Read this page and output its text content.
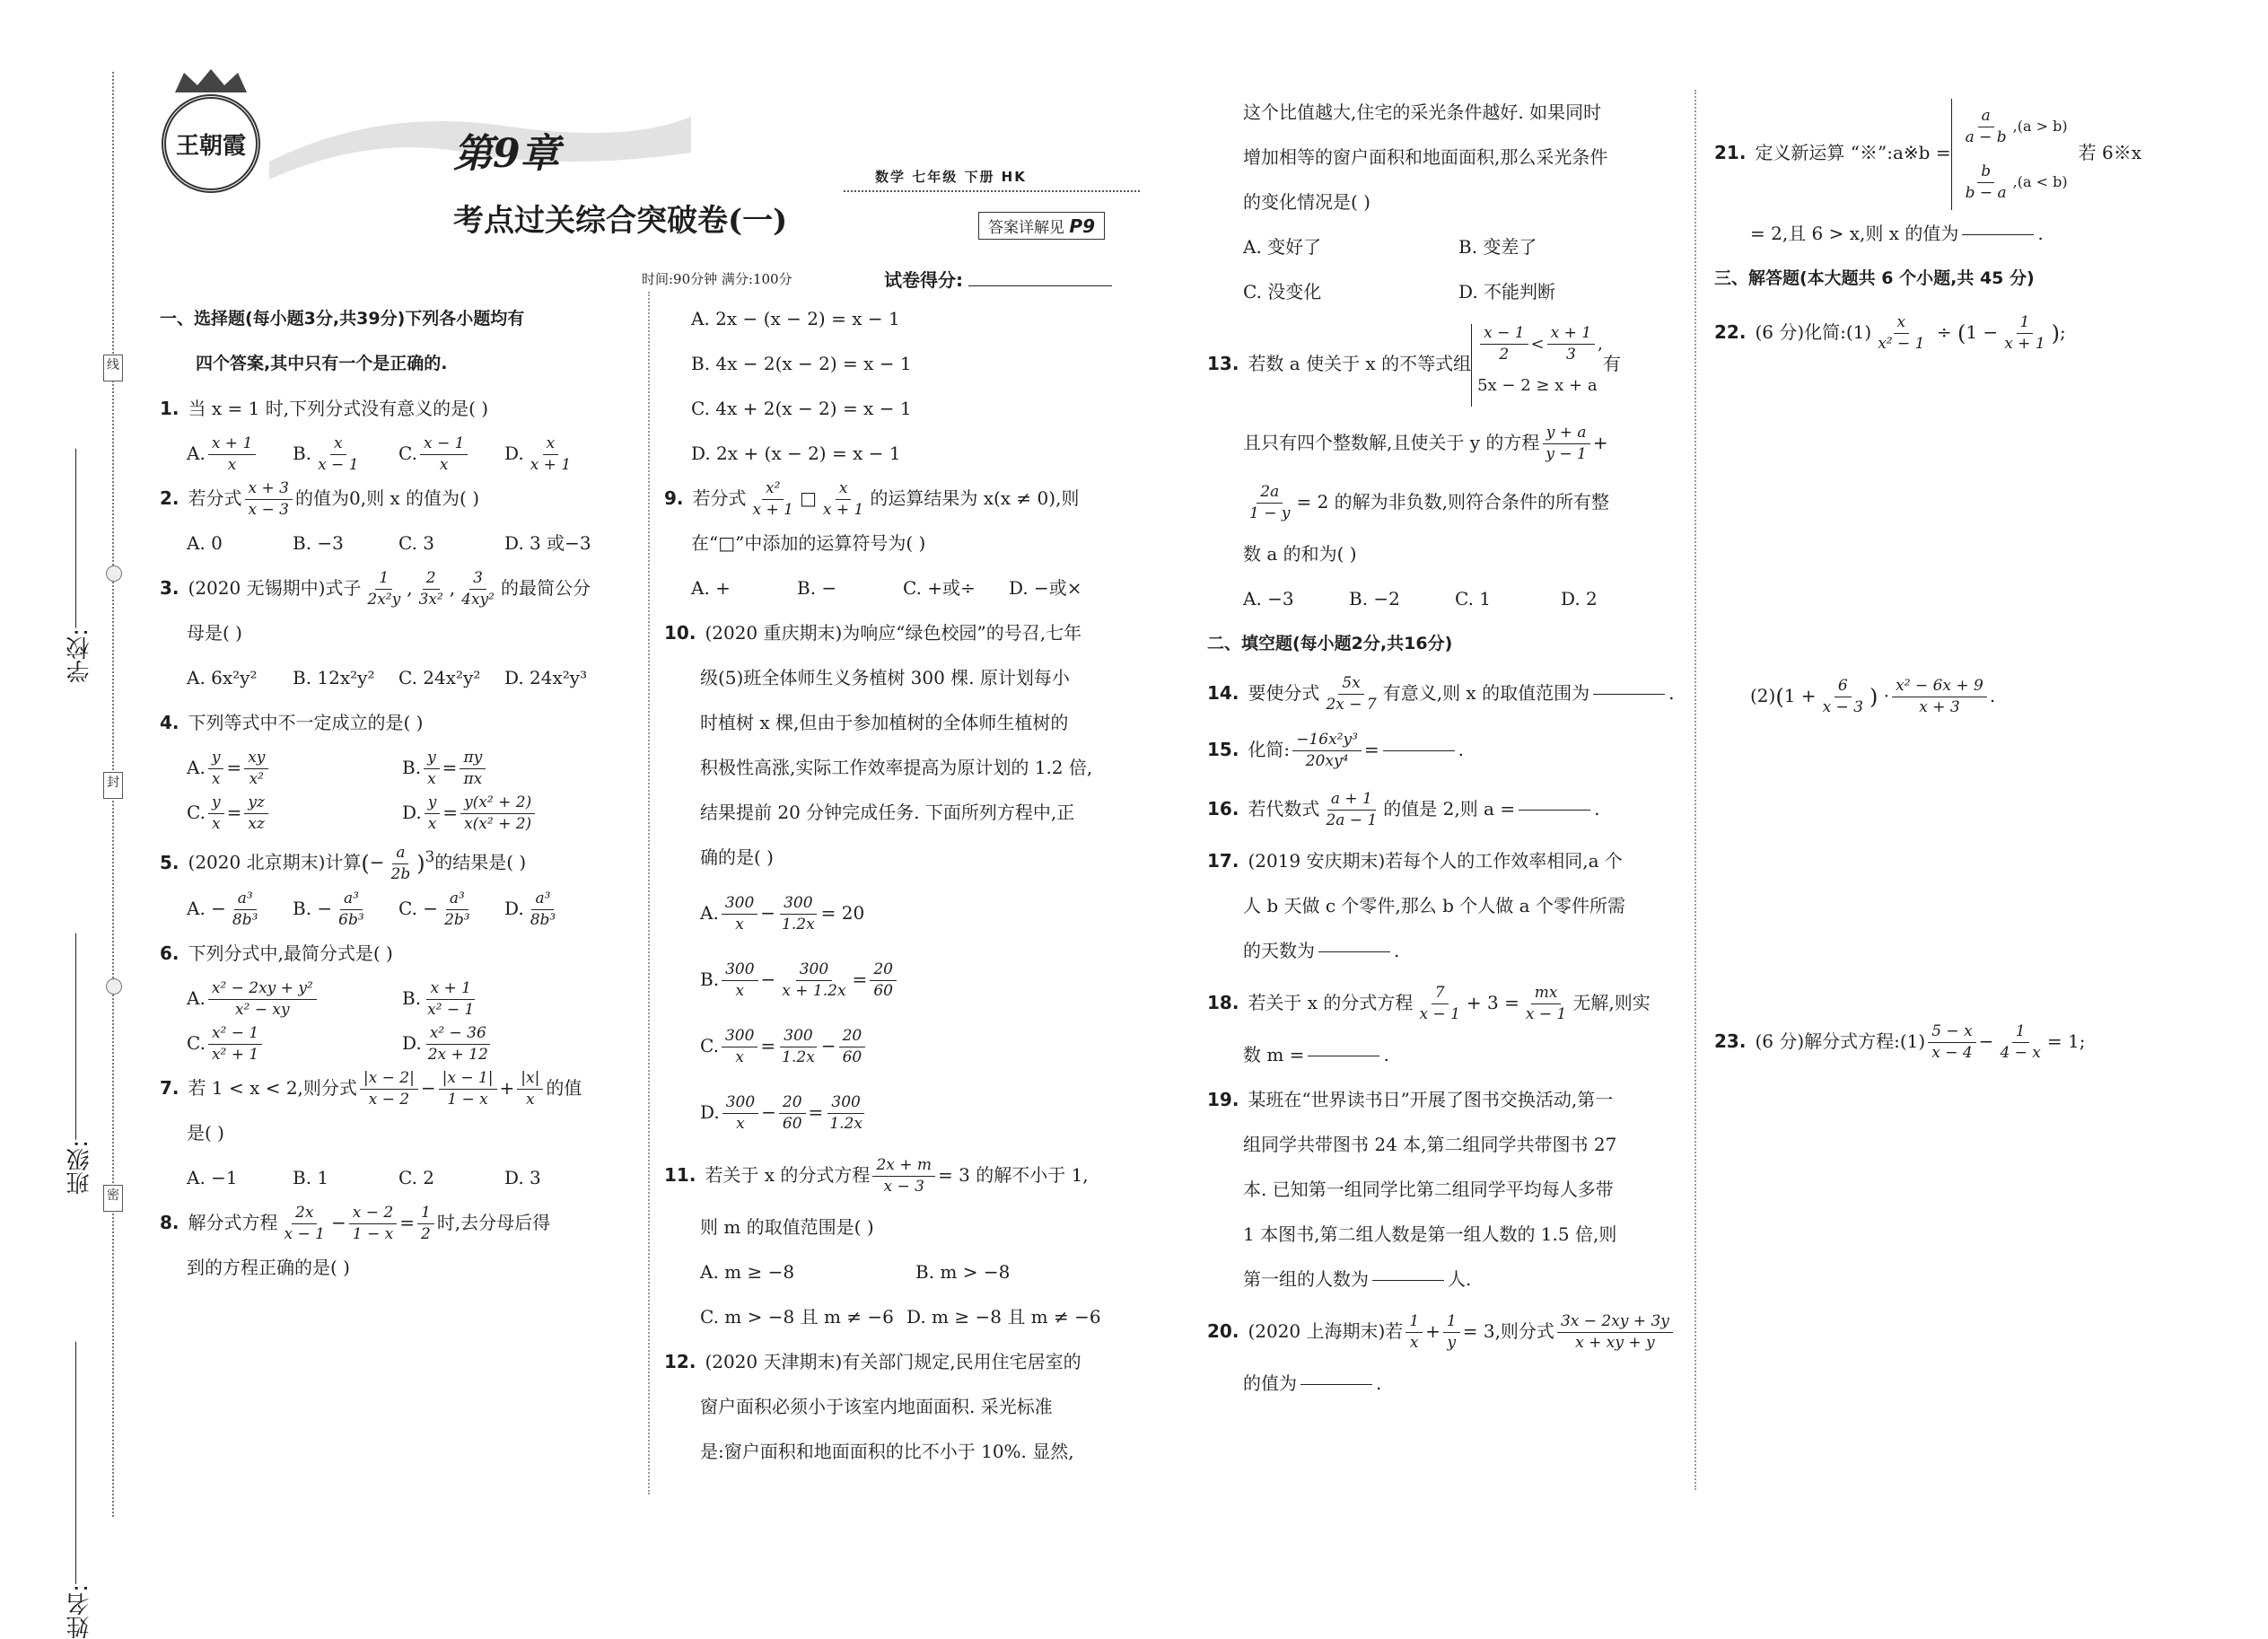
学校:
班级:
姓名:
线
封
密
王朝霞	第9章
考点过关综合突破卷(一)
数学 七年级 下册 HK
答案详解见 P9
时间:90分钟 满分:100分	试卷得分:
一、选择题(每小题3分,共39分)下列各小题均有
四个答案,其中只有一个是正确的.
1. 当 x = 1 时,下列分式没有意义的是( )
A. $\frac{x + 1}{x} B$. $\frac{x}{x - 1} C$. $\frac{x - 1}{x} D$. $\frac{x}{x + 1}$
2. 若分式 $\frac{x + 3}{x - 3}$ 的值为0,则 x 的值为( )
A. 0	B. −3	C. 3	D. 3 或−3
3. (2020 无锡期中)式子 $\frac{1}{\text{2x²y}}$ , $\frac{2}{\text{3x²}}$ , $\frac{3}{\text{4xy²}}$ 的最简公分
母是( )
A. 6x²y²	B. 12x²y²	C. 24x²y²	D. 24x²y³
4. 下列等式中不一定成立的是( )
A. $\frac{y}{x} = \frac{xy}{\text{x²}}$	B. $\frac{y}{x} = \frac{\pi y}{\pi x}$
C. $\frac{y}{x} = \frac{yz}{xz}$	D. $\frac{y}{x} = \frac{\text{y(x² + 2)}}{\text{x(x² + 2)}}$
5. (2020 北京期末)计算(− $\frac{a}{2b} )^3$的结果是( )
A. − $\frac{\text{a³}}{\text{8b³}} B$. − $\frac{\text{a³}}{\text{6b³}} C$. − $\frac{\text{a³}}{\text{2b³}} D$. $\frac{\text{a³}}{\text{8b³}}$
6. 下列分式中,最简分式是( )
A. $\frac{\text{x² − 2xy + y²}}{\text{x² − xy}}$	B. $\frac{x + 1}{\text{x² − 1}}$
C. $\frac{\text{x² − 1}}{\text{x² + 1}}$	D. $\frac{\text{x² − 36}}{2x + 12}$
7. 若 1 < x < 2,则分式 $\frac{|x - 2|}{x - 2} - \frac{|x - 1|}{1 - x} + \frac{|x|}{x}$ 的值
是( )
A. −1	B. 1	C. 2	D. 3
8. 解分式方程 $\frac{2x}{x - 1} - \frac{x - 2}{1 - x} = \frac{1}{2}$ 时,去分母后得
到的方程正确的是( )
A. 2x − (x − 2) = x − 1
B. 4x − 2(x − 2) = x − 1
C. 4x + 2(x − 2) = x − 1
D. 2x + (x − 2) = x − 1
9. 若分式 $\frac{\text{x²}}{x + 1}$ □ $\frac{x}{x + 1}$ 的运算结果为 x(x ≠ 0),则
在“□”中添加的运算符号为( )
A. +	B. −	C. +或÷	D. −或×
10. (2020 重庆期末)为响应“绿色校园”的号召,七年
级(5)班全体师生义务植树 300 棵. 原计划每小
时植树 x 棵,但由于参加植树的全体师生植树的
积极性高涨,实际工作效率提高为原计划的 1.2 倍,
结果提前 20 分钟完成任务. 下面所列方程中,正
确的是( )
A. $\frac{300}{x} - \frac{300}{1.2x} = 20$
B. $\frac{300}{x} - \frac{300}{x + 1.2x} = \frac{20}{60}$
C. $\frac{300}{x} = \frac{300}{1.2x} - \frac{20}{60}$
D. $\frac{300}{x} - \frac{20}{60} = \frac{300}{1.2x}$
11. 若关于 x 的分式方程 $\frac{2x + m}{x - 3} = 3$ 的解不小于 1,
则 m 的取值范围是( )
A. m ≥ −8	B. m > −8
C. m > −8 且 m ≠ −6 D. m ≥ −8 且 m ≠ −6
12. (2020 天津期末)有关部门规定,民用住宅居室的
窗户面积必须小于该室内地面面积. 采光标准
是:窗户面积和地面面积的比不小于 10%. 显然,
这个比值越大,住宅的采光条件越好. 如果同时
增加相等的窗户面积和地面面积,那么采光条件
的变化情况是( )
A. 变好了	B. 变差了
C. 没变化	D. 不能判断
13. 若数 a 使关于 x 的不等式组
$\frac{x - 1}{2} < \frac{x + 1}{3}$ ,
5x − 2 ≥ x + a
有
且只有四个整数解,且使关于 y 的方程 $\frac{y + a}{y - 1}$ +
$\frac{2a}{1 - y} = 2$ 的解为非负数,则符合条件的所有整
数 a 的和为( )
A. −3	B. −2	C. 1	D. 2
二、填空题(每小题2分,共16分)
14. 要使分式 $\frac{5x}{2x - 7}$ 有意义,则 x 的取值范围为	.
15. 化简: $\frac{\text{−16x²y³}}{\text{20xy⁴}}$ =	.
16. 若代数式 $\frac{a + 1}{2a - 1}$ 的值是 2,则 a =	.
17. (2019 安庆期末)若每个人的工作效率相同,a 个
人 b 天做 c 个零件,那么 b 个人做 a 个零件所需
的天数为	.
18. 若关于 x 的分式方程 $\frac{7}{x - 1} + 3 = \frac{mx}{x - 1}$ 无解,则实
数 m =	.
19. 某班在“世界读书日”开展了图书交换活动,第一
组同学共带图书 24 本,第二组同学共带图书 27
本. 已知第一组同学比第二组同学平均每人多带
1 本图书,第二组人数是第一组人数的 1.5 倍,则
第一组的人数为	人.
20. (2020 上海期末)若 $\frac{1}{x} + \frac{1}{y} = 3$,则分式 $\frac{3x - 2xy + 3y}{x + xy + y}$
的值为	.
21. 定义新运算 “※”:a※b =
$\frac{a}{a - b} ,(a > b)$
$\frac{b}{b - a} ,(a < b)$
若 6※x
= 2,且 6 > x,则 x 的值为	.
三、解答题(本大题共 6 个小题,共 45 分)
22. (6 分)化简:(1) $\frac{x}{\text{x² − 1}} \div (1 - \frac{1}{x + 1}$ );
$(2)(1 + \frac{6}{x - 3}$ ) · $\frac{\text{x² − 6x + 9}}{x + 3}$ .
23. (6 分)解分式方程:(1) $\frac{5 - x}{x - 4} - \frac{1}{4 - x} = 1$;
